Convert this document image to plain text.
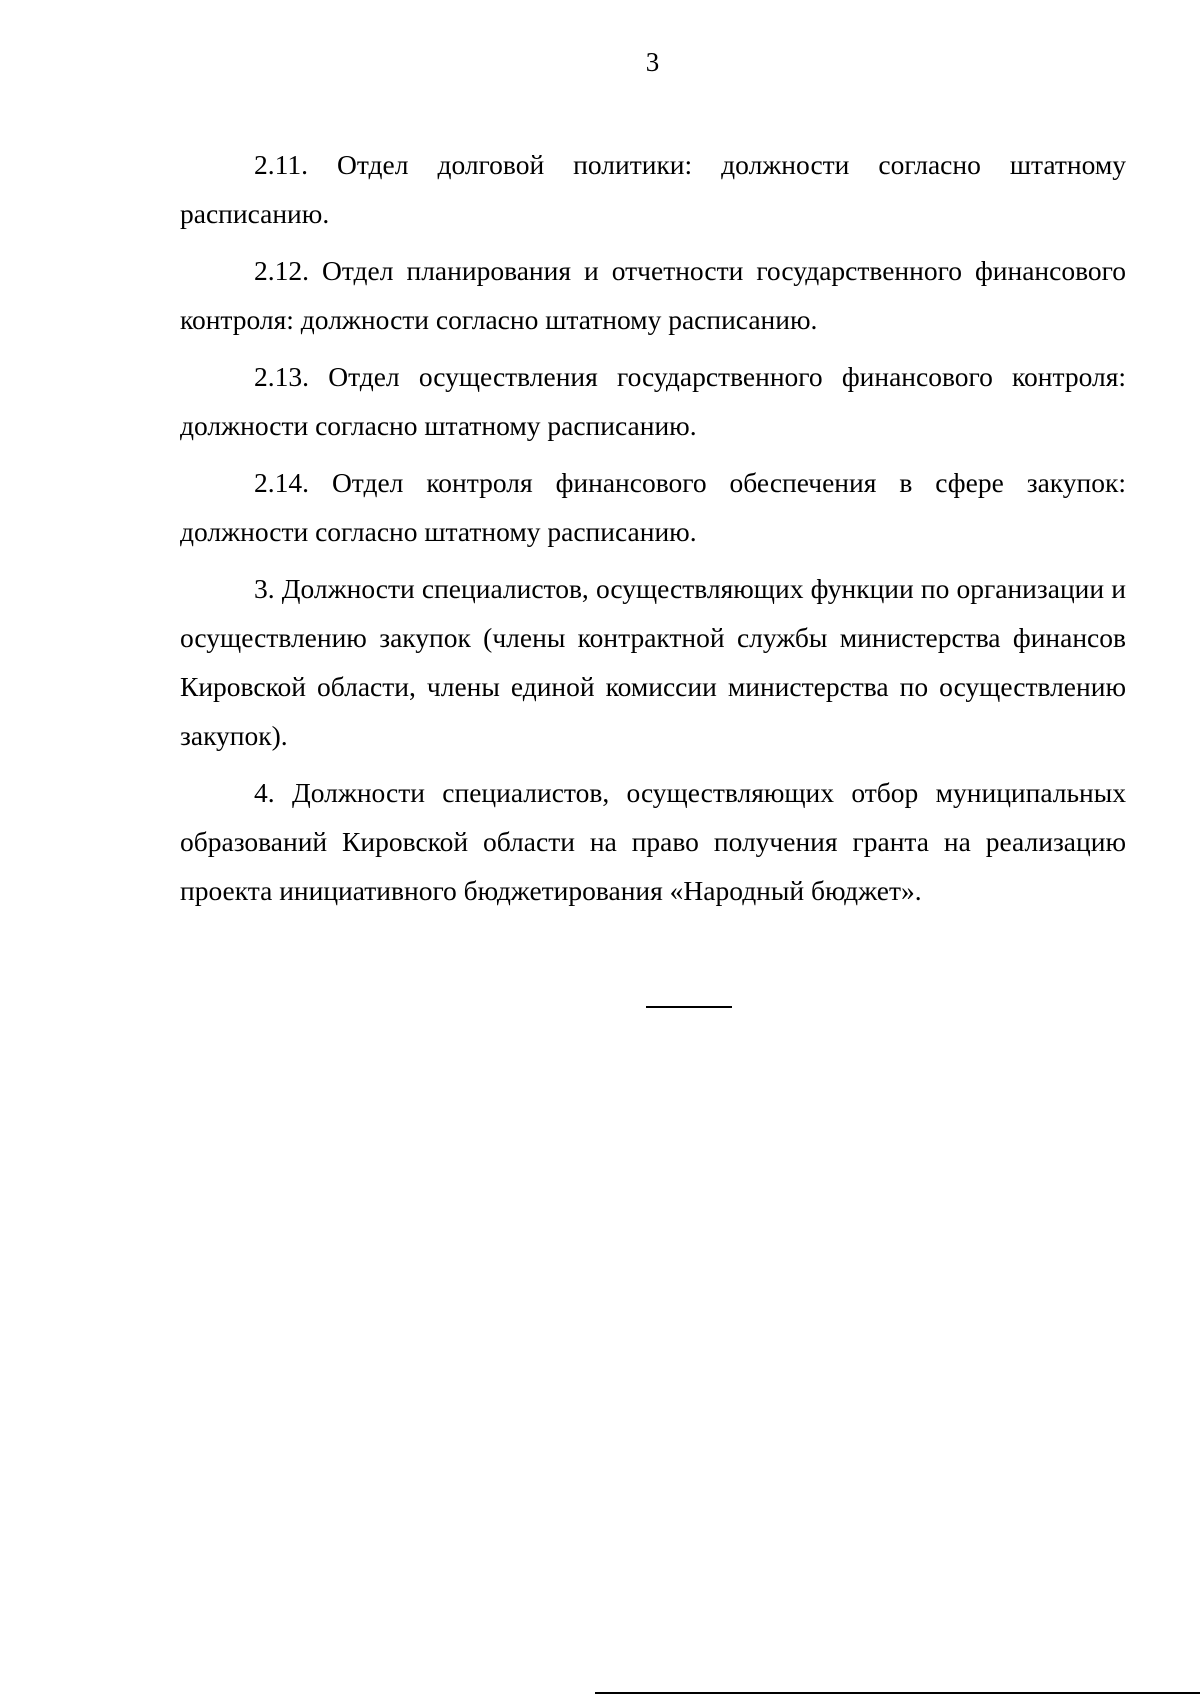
3

2.11. Отдел долговой политики: должности согласно штатному расписанию.

2.12. Отдел планирования и отчетности государственного финансового контроля: должности согласно штатному расписанию.

2.13. Отдел осуществления государственного финансового контроля: должности согласно штатному расписанию.

2.14. Отдел контроля финансового обеспечения в сфере закупок: должности согласно штатному расписанию.

3. Должности специалистов, осуществляющих функции по организации и осуществлению закупок (члены контрактной службы министерства финансов Кировской области, члены единой комиссии министерства по осуществлению закупок).

4. Должности специалистов, осуществляющих отбор муниципальных образований Кировской области на право получения гранта на реализацию проекта инициативного бюджетирования «Народный бюджет».
